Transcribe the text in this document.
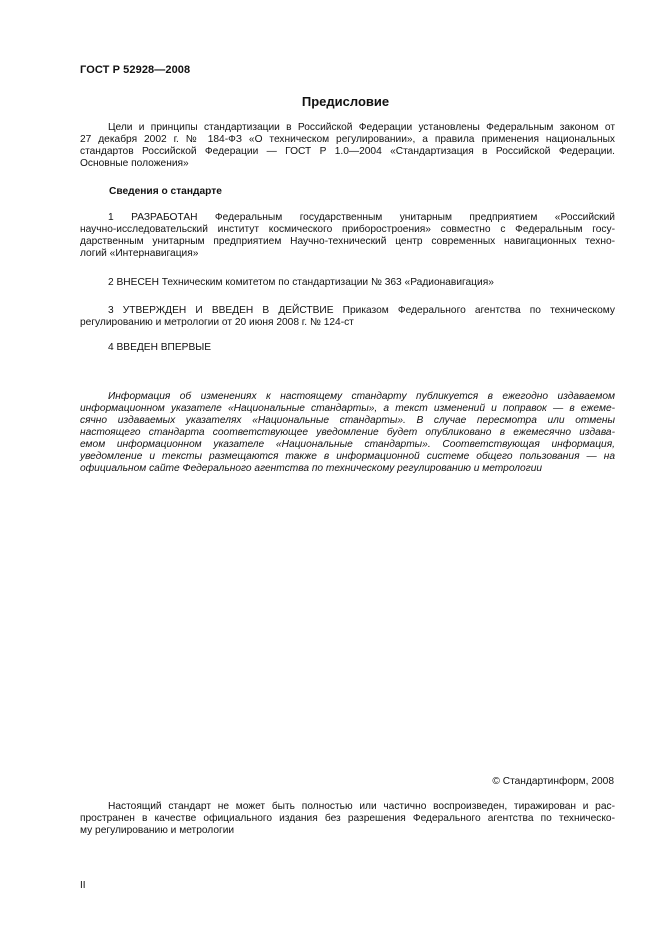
ГОСТ Р 52928—2008
Предисловие
Цели и принципы стандартизации в Российской Федерации установлены Федеральным законом от
27 декабря 2002 г. № 184-ФЗ «О техническом регулировании», а правила применения национальных
стандартов Российской Федерации — ГОСТ Р 1.0—2004 «Стандартизация в Российской Федерации.
Основные положения»
Сведения о стандарте
1 РАЗРАБОТАН Федеральным государственным унитарным предприятием «Российский
научно-исследовательский институт космического приборостроения» совместно с Федеральным госу-
дарственным унитарным предприятием Научно-технический центр современных навигационных техно-
логий «Интернавигация»
2 ВНЕСЕН Техническим комитетом по стандартизации № 363 «Радионавигация»
3 УТВЕРЖДЕН И ВВЕДЕН В ДЕЙСТВИЕ Приказом Федерального агентства по техническому
регулированию и метрологии от 20 июня 2008 г. № 124-ст
4 ВВЕДЕН ВПЕРВЫЕ
Информация об изменениях к настоящему стандарту публикуется в ежегодно издаваемом
информационном указателе «Национальные стандарты», а текст изменений и поправок — в ежеме-
сячно издаваемых указателях «Национальные стандарты». В случае пересмотра или отмены
настоящего стандарта соответствующее уведомление будет опубликовано в ежемесячно издава-
емом информационном указателе «Национальные стандарты». Соответствующая информация,
уведомление и тексты размещаются также в информационной системе общего пользования — на
официальном сайте Федерального агентства по техническому регулированию и метрологии
© Стандартинформ, 2008
Настоящий стандарт не может быть полностью или частично воспроизведен, тиражирован и рас-
пространен в качестве официального издания без разрешения Федерального агентства по техническо-
му регулированию и метрологии
II
